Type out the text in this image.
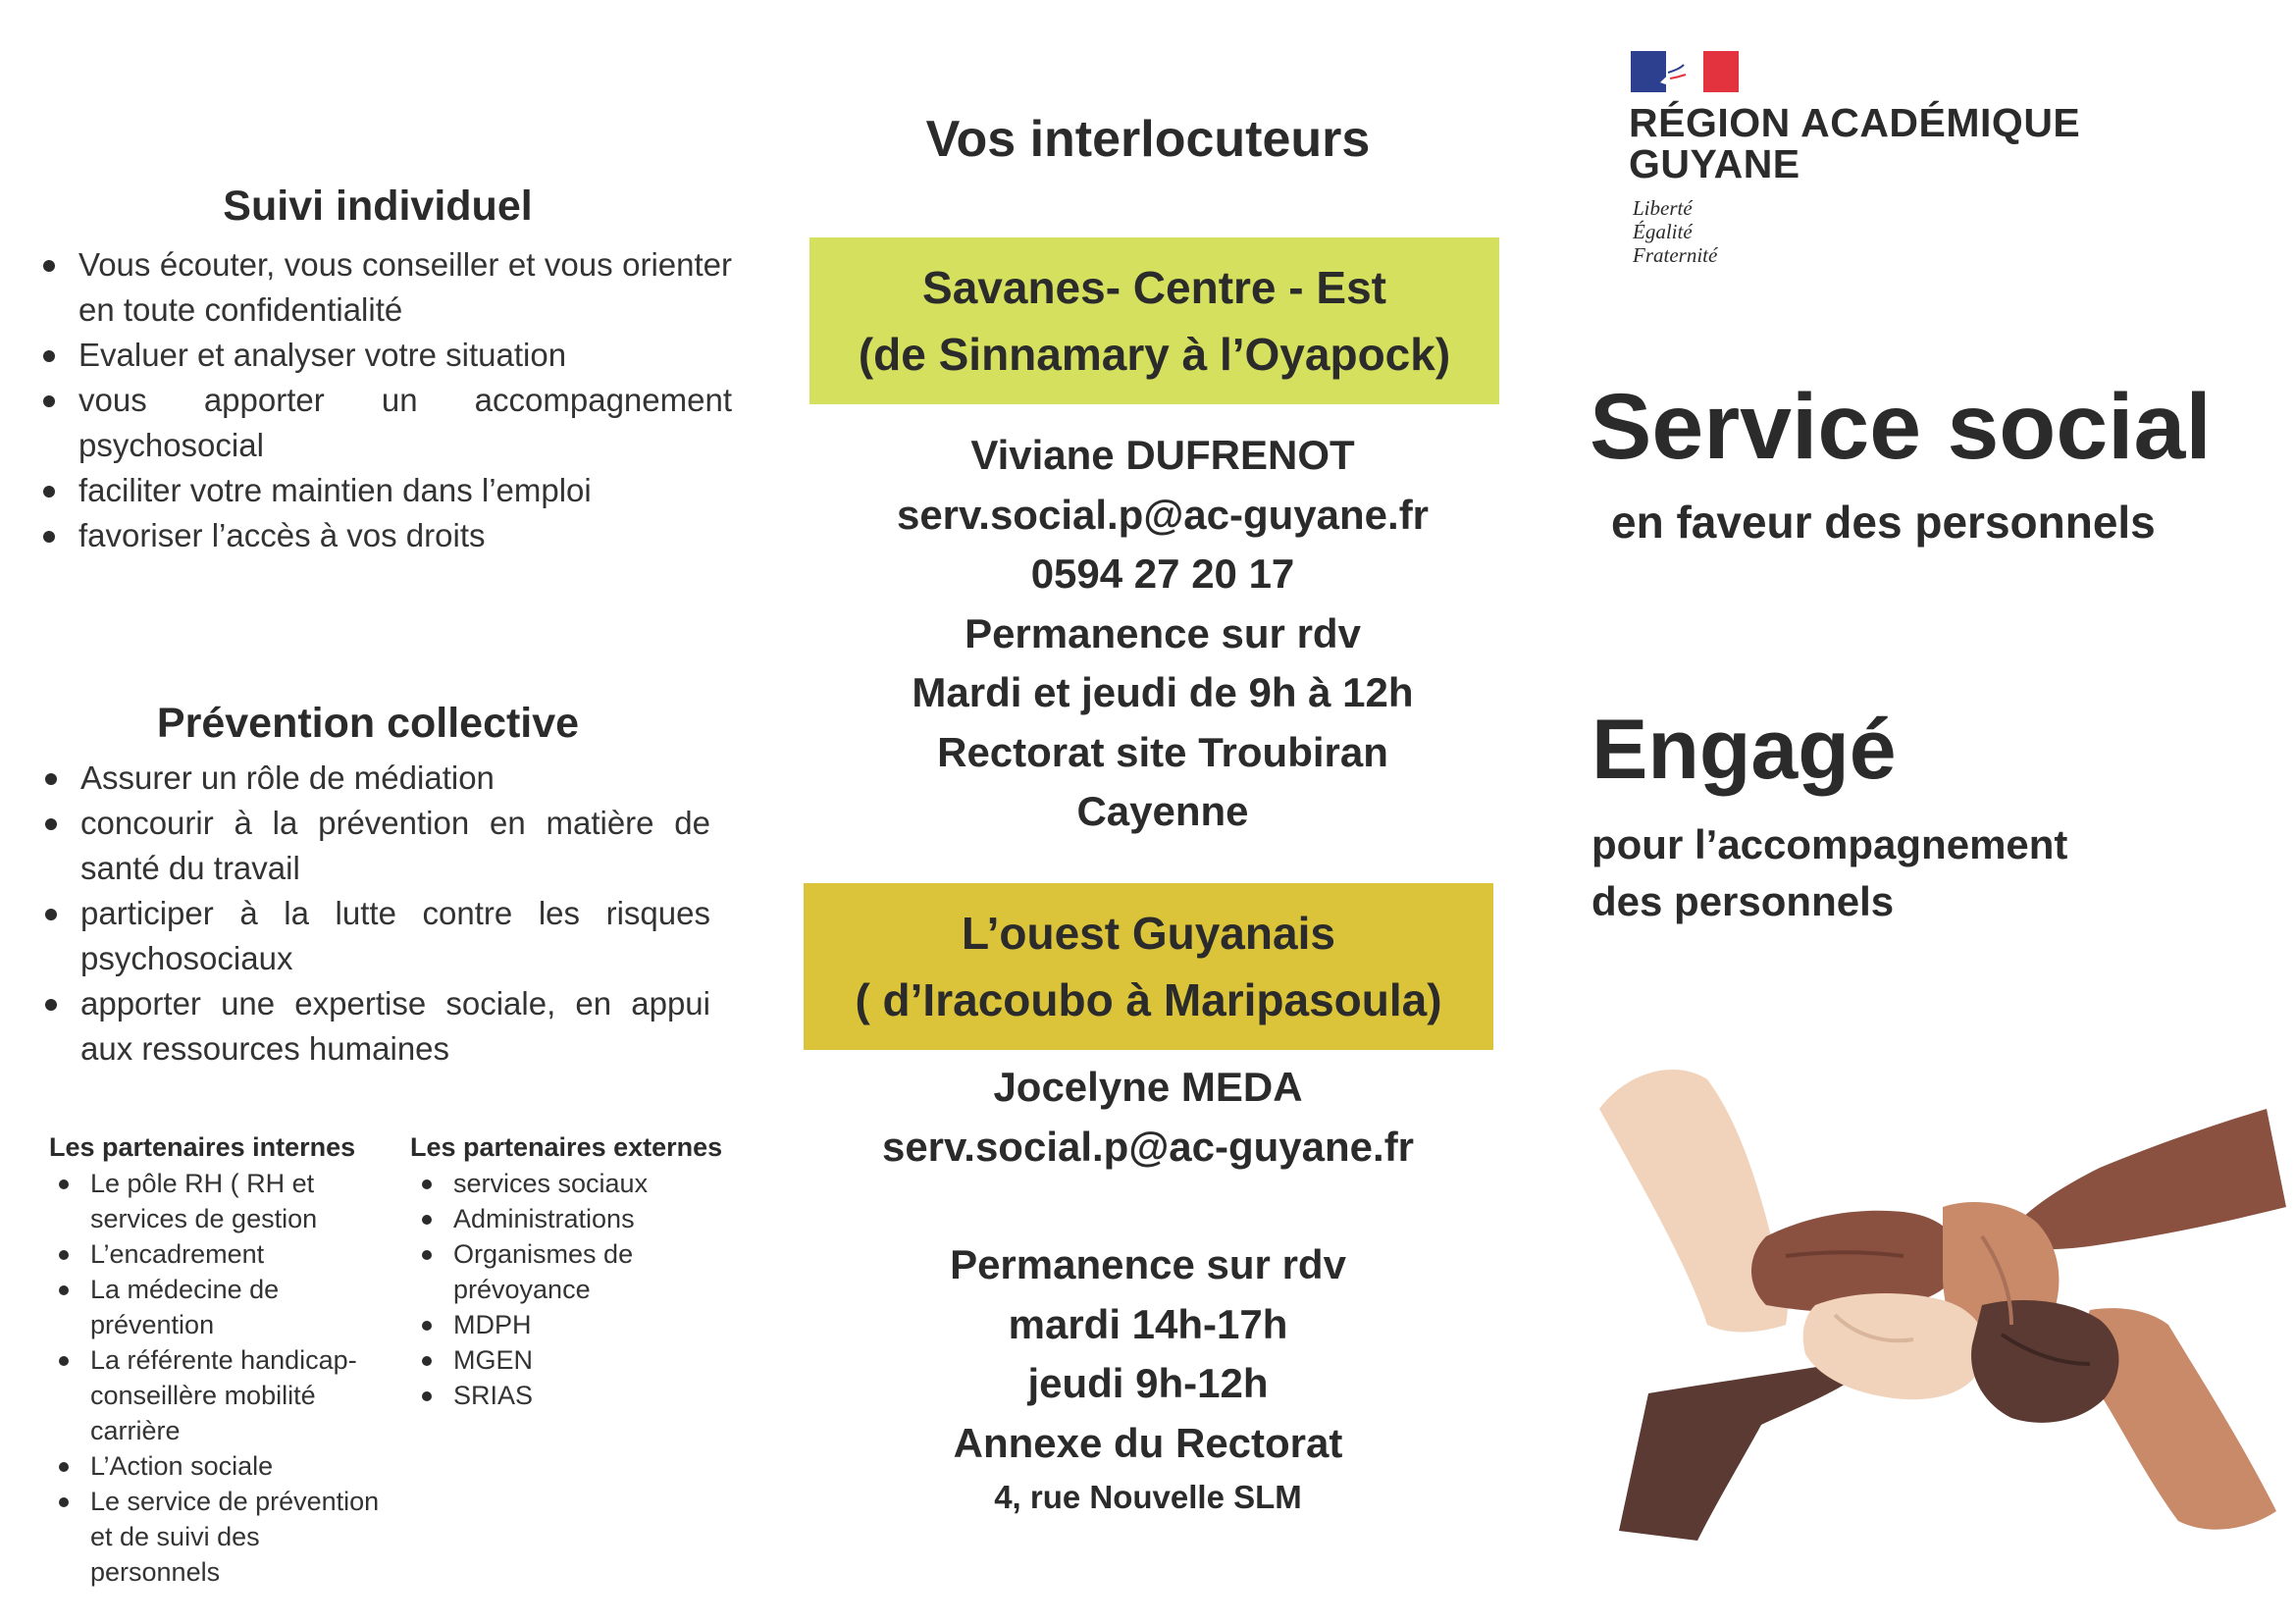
Suivi individuel
Vous écouter, vous conseiller et vous orienter en toute confidentialité
Evaluer et analyser votre situation
vous apporter un accompagnement psychosocial
faciliter votre maintien dans l’emploi
favoriser l’accès à vos droits
Prévention collective
Assurer un rôle de médiation
concourir à la prévention en matière de santé du travail
participer à la lutte contre les risques psychosociaux
apporter une expertise sociale, en appui aux ressources humaines
Les partenaires internes
Le pôle RH ( RH et services de gestion
L’encadrement
La médecine de prévention
La référente handicap-conseillère mobilité carrière
L’Action sociale
Le service de prévention et de suivi des personnels
Les partenaires externes
services sociaux
Administrations
Organismes de prévoyance
MDPH
MGEN
SRIAS
Vos interlocuteurs
Savanes- Centre - Est
(de Sinnamary à l’Oyapock)
Viviane DUFRENOT
serv.social.p@ac-guyane.fr
0594 27 20 17
Permanence sur rdv
Mardi et jeudi de 9h à 12h
Rectorat site Troubiran
Cayenne
L’ouest Guyanais
( d’Iracoubo à Maripasoula)
Jocelyne MEDA
serv.social.p@ac-guyane.fr
Permanence sur rdv
mardi 14h-17h
jeudi 9h-12h
Annexe du Rectorat
4, rue Nouvelle SLM
RÉGION ACADÉMIQUE
GUYANE
Liberté
Égalité
Fraternité
Service social
en faveur des personnels
Engagé
pour l’accompagnement
des personnels
